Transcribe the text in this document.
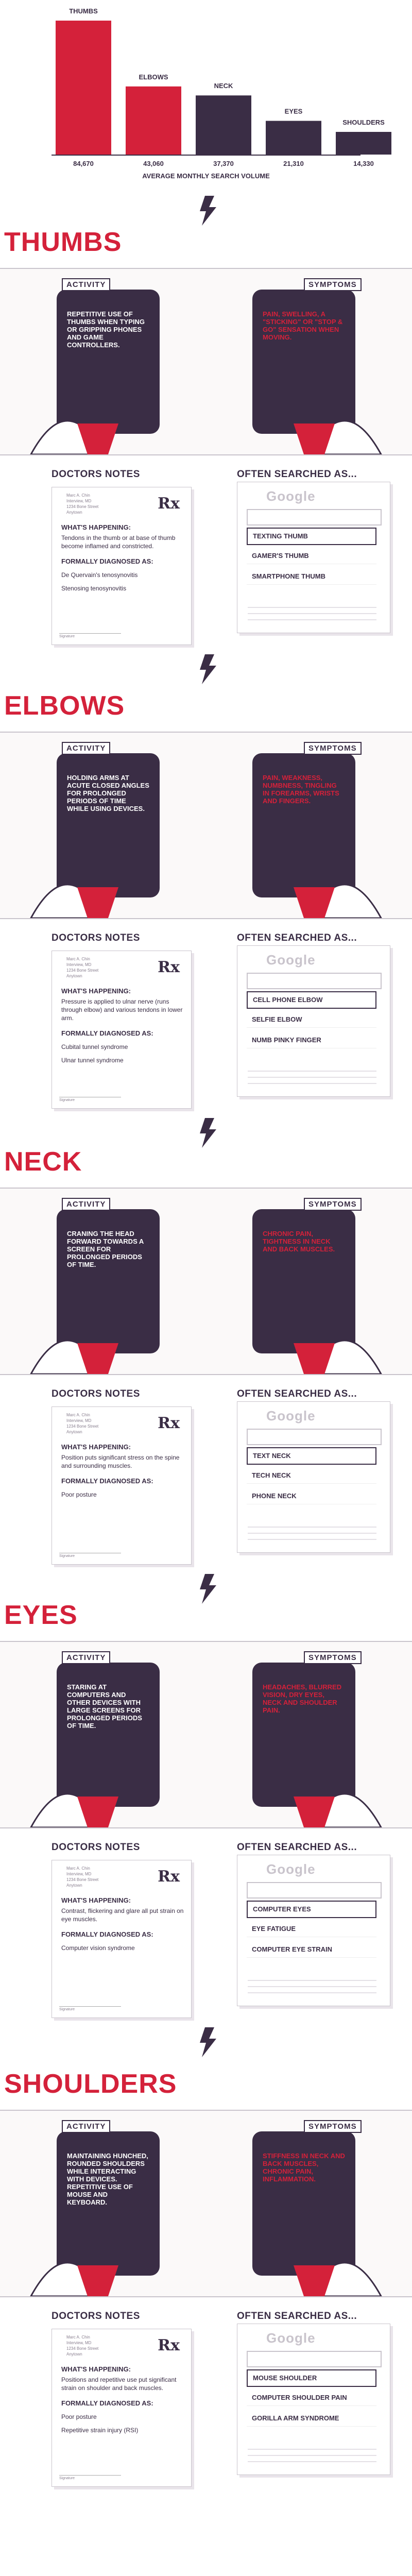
84,670
THUMBS
43,060
ELBOWS
37,370
NECK
21,310
EYES
14,330
SHOULDERS
AVERAGE MONTHLY SEARCH VOLUME
THUMBS
ACTIVITY	SYMPTOMS
REPETITIVE USE OF THUMBS WHEN TYPING OR GRIPPING PHONES AND GAME CONTROLLERS.
PAIN, SWELLING, A "STICKING" OR "STOP & GO" SENSATION WHEN MOVING.
DOCTORS NOTES	OFTEN SEARCHED AS...
Marc A. Chin
Interview, MD
1234 Bone Street
Anytown	Rx
WHAT'S HAPPENING:
Tendons in the thumb or at base of thumb become inflamed and constricted.
FORMALLY DIAGNOSED AS:
De Quervain's tenosynovitis
Stenosing tenosynovitis
Signature
Google
TEXTING THUMB
GAMER'S THUMB
SMARTPHONE THUMB
ELBOWS
ACTIVITY	SYMPTOMS
HOLDING ARMS AT ACUTE CLOSED ANGLES FOR PROLONGED PERIODS OF TIME WHILE USING DEVICES.
PAIN, WEAKNESS, NUMBNESS, TINGLING IN FOREARMS, WRISTS AND FINGERS.
DOCTORS NOTES	OFTEN SEARCHED AS...
Marc A. Chin
Interview, MD
1234 Bone Street
Anytown	Rx
WHAT'S HAPPENING:
Pressure is applied to ulnar nerve (runs through elbow) and various tendons in lower arm.
FORMALLY DIAGNOSED AS:
Cubital tunnel syndrome
Ulnar tunnel syndrome
Signature
Google
CELL PHONE ELBOW
SELFIE ELBOW
NUMB PINKY FINGER
NECK
ACTIVITY	SYMPTOMS
CRANING THE HEAD FORWARD TOWARDS A SCREEN FOR PROLONGED PERIODS OF TIME.
CHRONIC PAIN, TIGHTNESS IN NECK AND BACK MUSCLES.
DOCTORS NOTES	OFTEN SEARCHED AS...
Marc A. Chin
Interview, MD
1234 Bone Street
Anytown	Rx
WHAT'S HAPPENING:
Position puts significant stress on the spine and surrounding muscles.
FORMALLY DIAGNOSED AS:
Poor posture
Signature
Google
TEXT NECK
TECH NECK
PHONE NECK
EYES
ACTIVITY	SYMPTOMS
STARING AT COMPUTERS AND OTHER DEVICES WITH LARGE SCREENS FOR PROLONGED PERIODS OF TIME.
HEADACHES, BLURRED VISION, DRY EYES, NECK AND SHOULDER PAIN.
DOCTORS NOTES	OFTEN SEARCHED AS...
Marc A. Chin
Interview, MD
1234 Bone Street
Anytown	Rx
WHAT'S HAPPENING:
Contrast, flickering and glare all put strain on eye muscles.
FORMALLY DIAGNOSED AS:
Computer vision syndrome
Signature
Google
COMPUTER EYES
EYE FATIGUE
COMPUTER EYE STRAIN
SHOULDERS
ACTIVITY	SYMPTOMS
MAINTAINING HUNCHED, ROUNDED SHOULDERS WHILE INTERACTING WITH DEVICES. REPETITIVE USE OF MOUSE AND KEYBOARD.
STIFFNESS IN NECK AND BACK MUSCLES, CHRONIC PAIN, INFLAMMATION.
DOCTORS NOTES	OFTEN SEARCHED AS...
Marc A. Chin
Interview, MD
1234 Bone Street
Anytown	Rx
WHAT'S HAPPENING:
Positions and repetitive use put significant strain on shoulder and back muscles.
FORMALLY DIAGNOSED AS:
Poor posture
Repetitive strain injury (RSI)
Signature
Google
MOUSE SHOULDER
COMPUTER SHOULDER PAIN
GORILLA ARM SYNDROME
